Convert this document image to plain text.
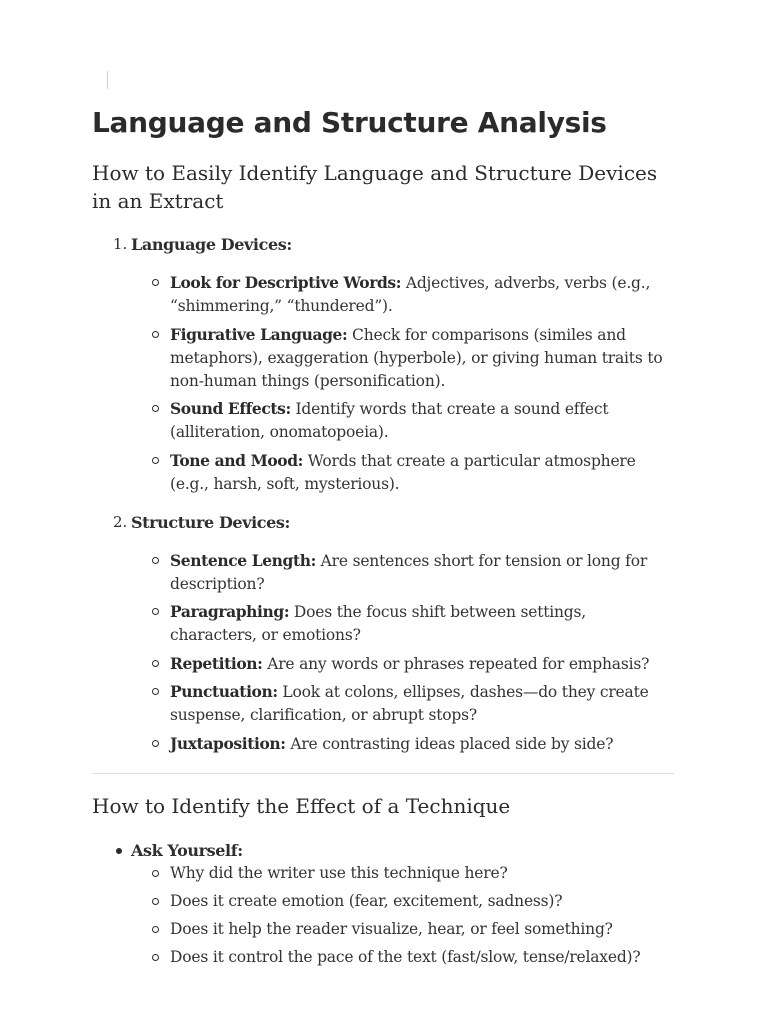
Language and Structure Analysis
How to Easily Identify Language and Structure Devices in an Extract
1. Language Devices:
Look for Descriptive Words: Adjectives, adverbs, verbs (e.g., “shimmering,” “thundered”).
Figurative Language: Check for comparisons (similes and metaphors), exaggeration (hyperbole), or giving human traits to non-human things (personification).
Sound Effects: Identify words that create a sound effect (alliteration, onomatopoeia).
Tone and Mood: Words that create a particular atmosphere (e.g., harsh, soft, mysterious).
2. Structure Devices:
Sentence Length: Are sentences short for tension or long for description?
Paragraphing: Does the focus shift between settings, characters, or emotions?
Repetition: Are any words or phrases repeated for emphasis?
Punctuation: Look at colons, ellipses, dashes—do they create suspense, clarification, or abrupt stops?
Juxtaposition: Are contrasting ideas placed side by side?
How to Identify the Effect of a Technique
Ask Yourself:
Why did the writer use this technique here?
Does it create emotion (fear, excitement, sadness)?
Does it help the reader visualize, hear, or feel something?
Does it control the pace of the text (fast/slow, tense/relaxed)?
